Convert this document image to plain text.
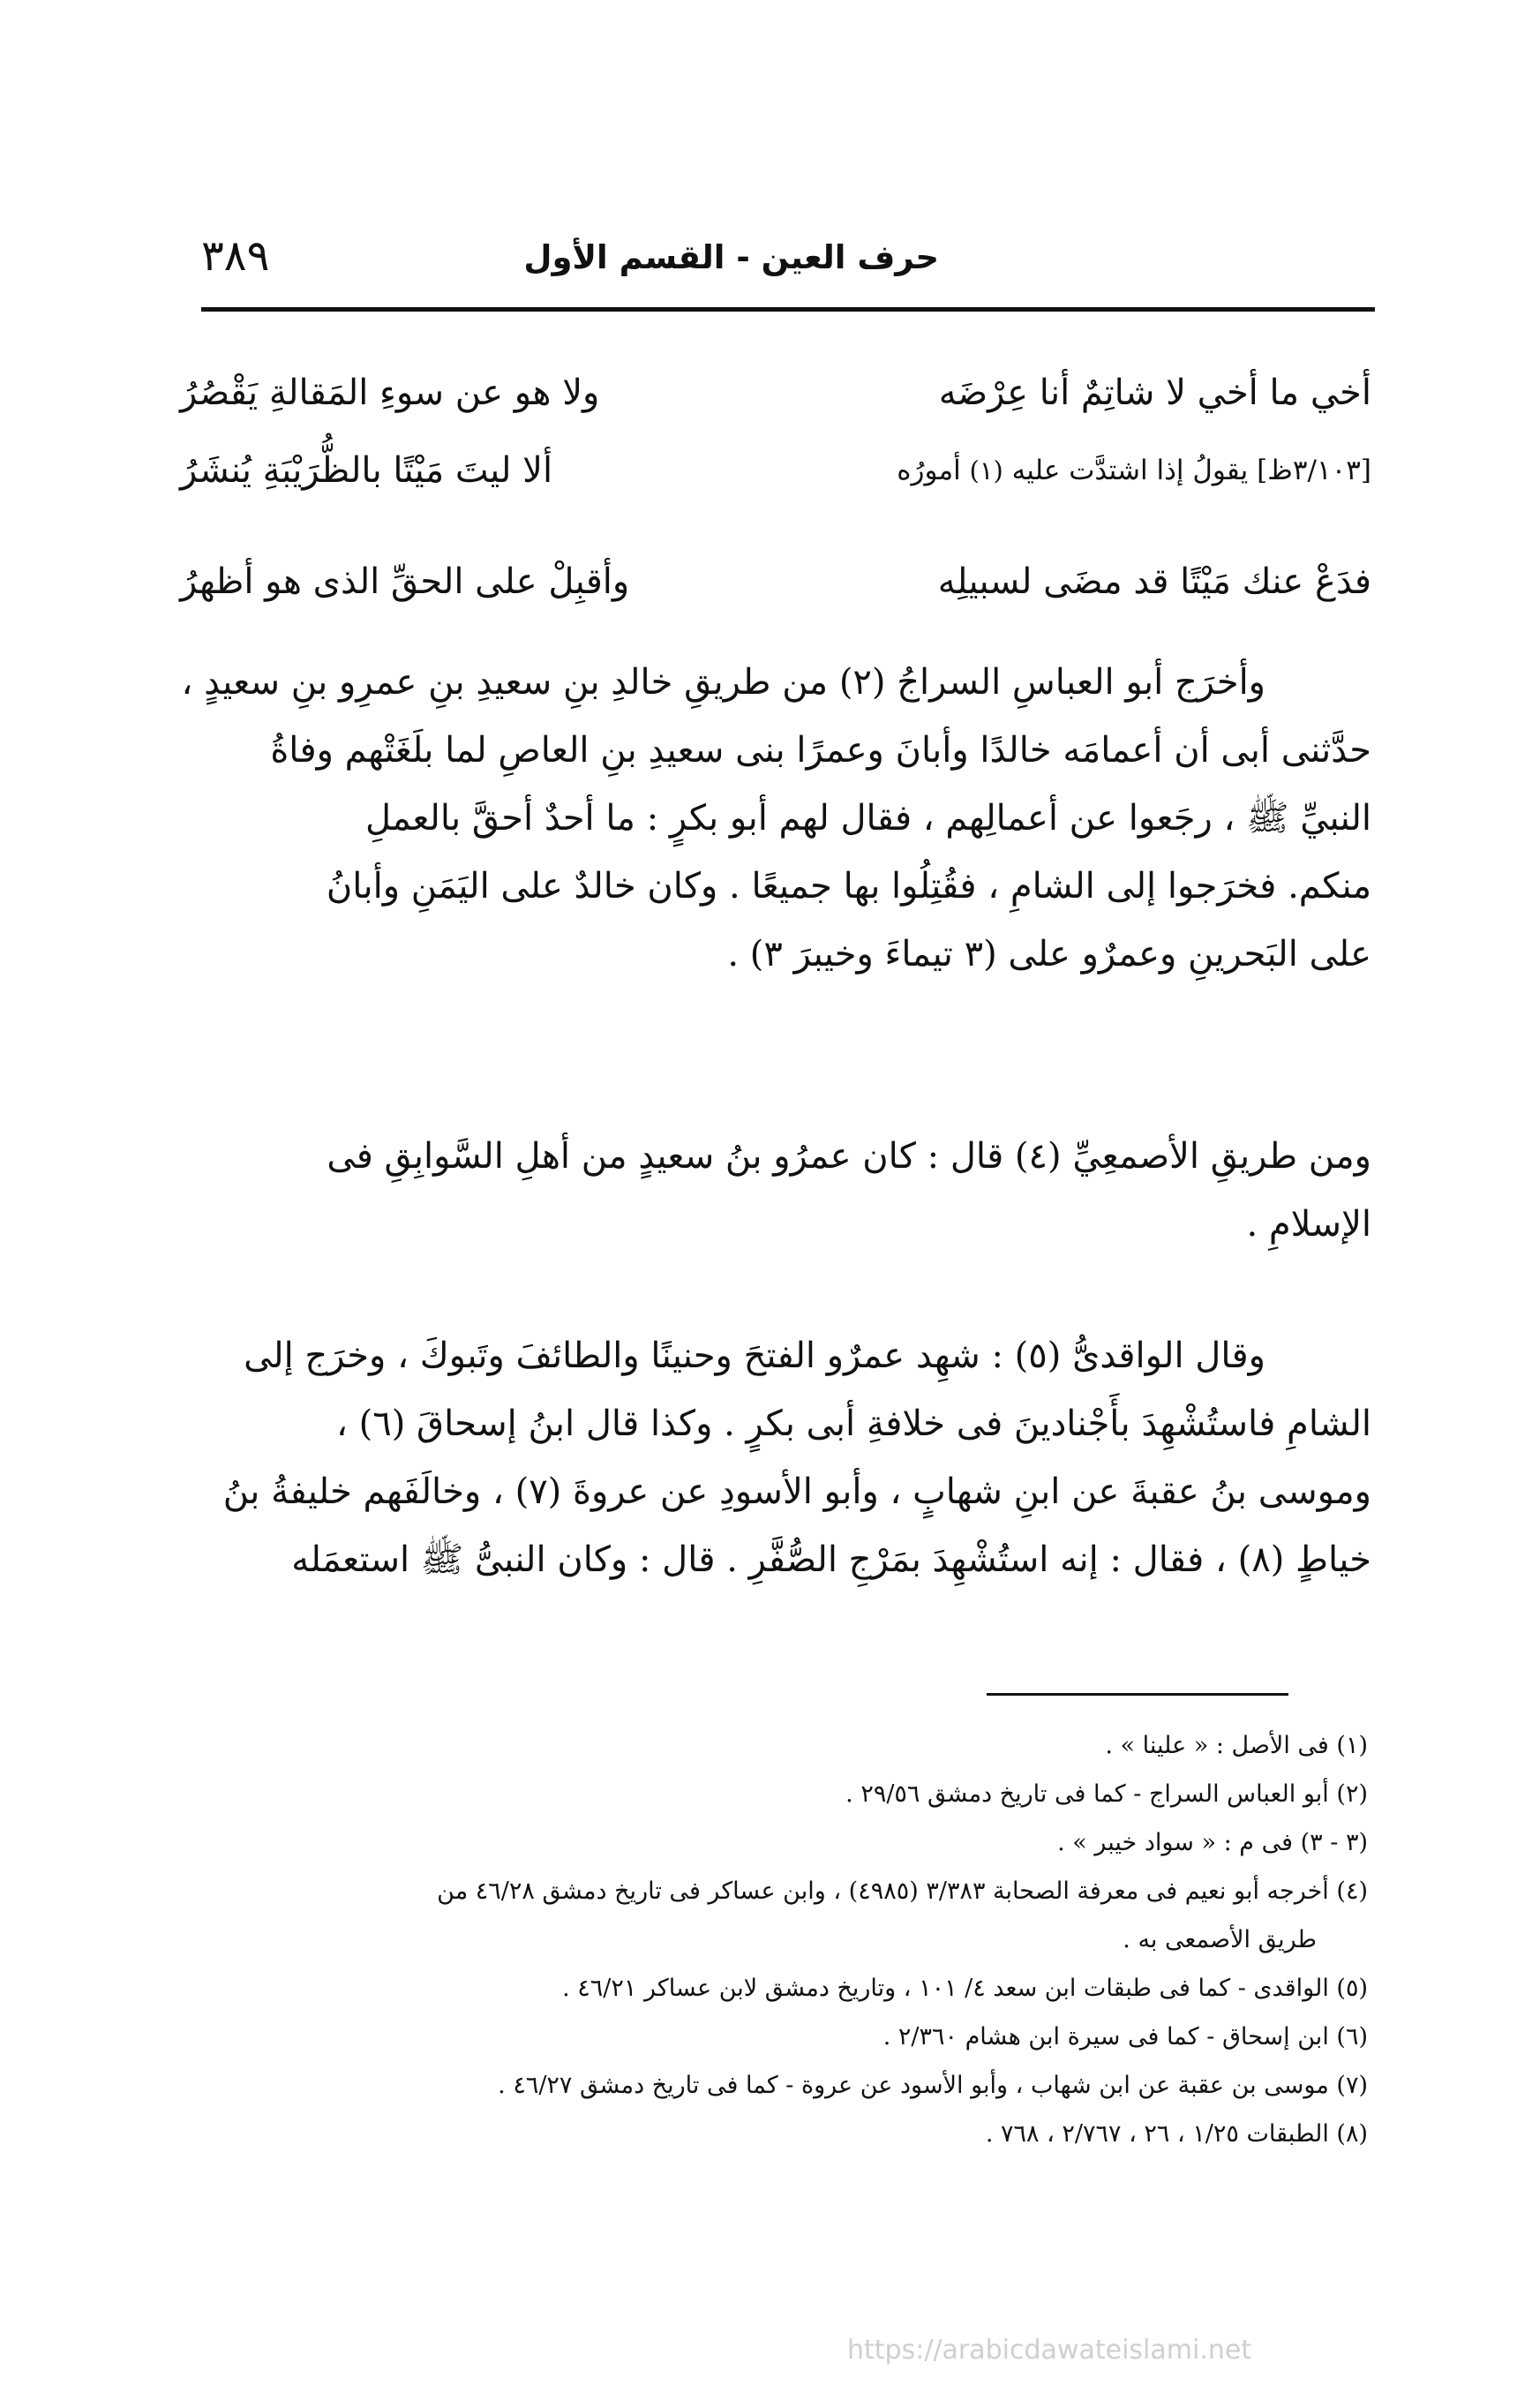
حرف العين - القسم الأول
٣٨٩
أخي ما أخي لا شاتِمٌ أنا عِرْضَه
ولا هو عن سوءِ المَقالةِ يَقْصُرُ
[٣/١٠٣ظ] يقولُ إذا اشتدَّت عليه (١) أمورُه
ألا ليتَ مَيْتًا بالظُّرَيْبَةِ يُنشَرُ
فدَعْ عنك مَيْتًا قد مضَى لسبيلِه
وأقبِلْ على الحقِّ الذى هو أظهرُ
وأخرَج أبو العباسِ السراجُ (٢) من طريقِ خالدِ بنِ سعيدِ بنِ عمرِو بنِ سعيدٍ ،
حدَّثنى أبى أن أعمامَه خالدًا وأبانَ وعمرًا بنى سعيدِ بنِ العاصِ لما بلَغَتْهم وفاةُ
النبيِّ ﷺ ، رجَعوا عن أعمالِهم ، فقال لهم أبو بكرٍ : ما أحدٌ أحقَّ بالعملِ
منكم. فخرَجوا إلى الشامِ ، فقُتِلُوا بها جميعًا . وكان خالدٌ على اليَمَنِ وأبانُ
على البَحرينِ وعمرٌو على (٣ تيماءَ وخيبرَ ٣) .
ومن طريقِ الأصمعِيِّ (٤) قال : كان عمرُو بنُ سعيدٍ من أهلِ السَّوابِقِ فى
الإسلامِ .
وقال الواقدىُّ (٥) : شهِد عمرٌو الفتحَ وحنينًا والطائفَ وتَبوكَ ، وخرَج إلى
الشامِ فاستُشْهِدَ بأَجْنادينَ فى خلافةِ أبى بكرٍ . وكذا قال ابنُ إسحاقَ (٦) ،
وموسى بنُ عقبةَ عن ابنِ شهابٍ ، وأبو الأسودِ عن عروةَ (٧) ، وخالَفَهم خليفةُ بنُ
خياطٍ (٨) ، فقال : إنه استُشْهِدَ بمَرْجِ الصُّفَّرِ . قال : وكان النبىُّ ﷺ استعمَله
(١) فى الأصل : « علينا » .
(٢) أبو العباس السراج - كما فى تاريخ دمشق ٢٩/٥٦ .
(٣ - ٣) فى م : « سواد خيبر » .
(٤) أخرجه أبو نعيم فى معرفة الصحابة ٣/٣٨٣ (٤٩٨٥) ، وابن عساكر فى تاريخ دمشق ٤٦/٢٨ من
طريق الأصمعى به .
(٥) الواقدى - كما فى طبقات ابن سعد ٤/ ١٠١ ، وتاريخ دمشق لابن عساكر ٤٦/٢١ .
(٦) ابن إسحاق - كما فى سيرة ابن هشام ٢/٣٦٠ .
(٧) موسى بن عقبة عن ابن شهاب ، وأبو الأسود عن عروة - كما فى تاريخ دمشق ٤٦/٢٧ .
(٨) الطبقات ١/٢٥ ، ٢٦ ، ٢/٧٦٧ ، ٧٦٨ .
https://arabicdawateislami.net
